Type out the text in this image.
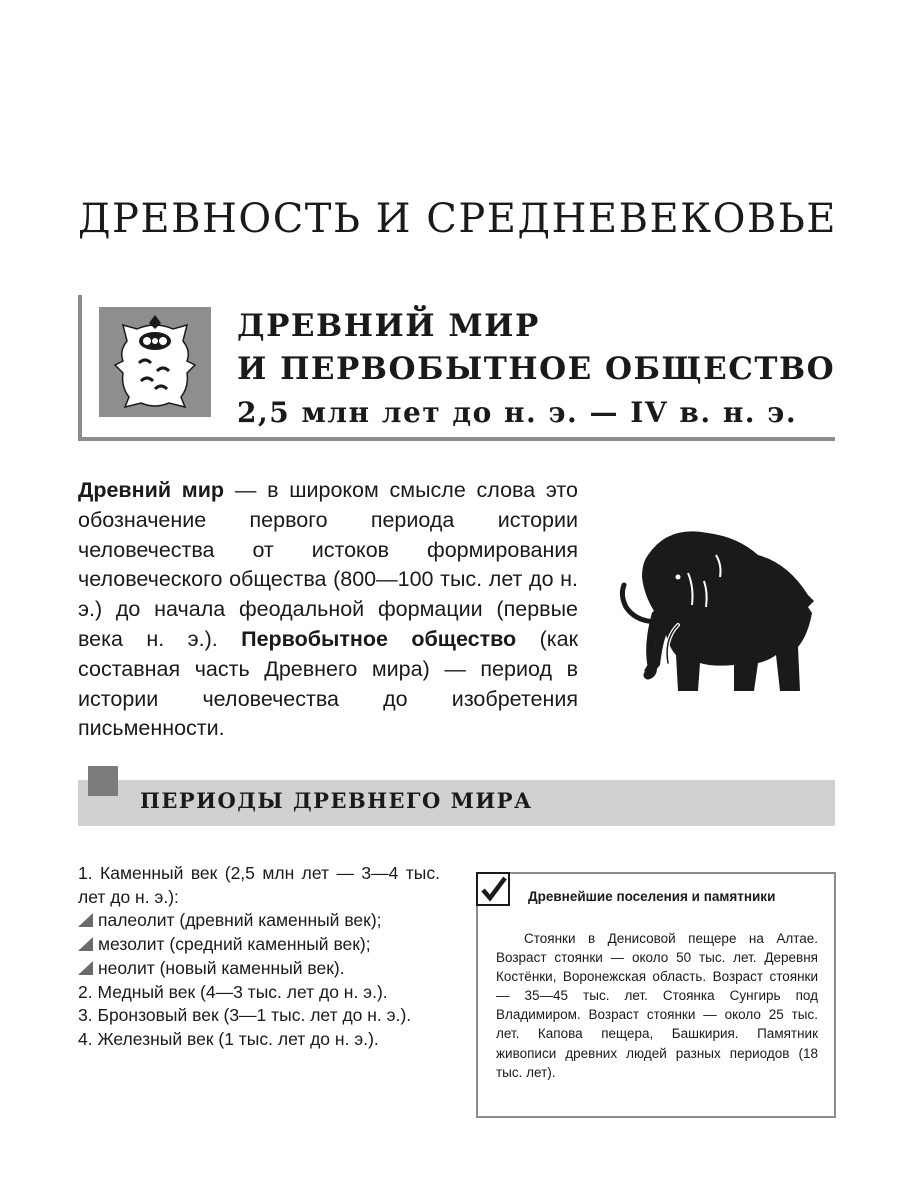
ДРЕВНОСТЬ И СРЕДНЕВЕКОВЬЕ
ДРЕВНИЙ МИР
И ПЕРВОБЫТНОЕ ОБЩЕСТВО
2,5 млн лет до н. э. — IV в. н. э.

Древний мир — в широком смысле слова это обозначение первого периода истории человечества от истоков формирования человеческого общества (800—100 тыс. лет до н. э.) до начала феодальной формации (первые века н. э.). Первобытное общество (как составная часть Древнего мира) — период в истории человечества до изобретения письменности.

ПЕРИОДЫ ДРЕВНЕГО МИРА
1. Каменный век (2,5 млн лет — 3—4 тыс. лет до н. э.):
палеолит (древний каменный век);
мезолит (средний каменный век);
неолит (новый каменный век).
2. Медный век (4—3 тыс. лет до н. э.).
3. Бронзовый век (3—1 тыс. лет до н. э.).
4. Железный век (1 тыс. лет до н. э.).

Древнейшие поселения и памятники

Стоянки в Денисовой пещере на Алтае. Возраст стоянки — около 50 тыс. лет. Деревня Костёнки, Воронежская область. Возраст стоянки — 35—45 тыс. лет. Стоянка Сунгирь под Владимиром. Возраст стоянки — около 25 тыс. лет. Капова пещера, Башкирия. Памятник живописи древних людей разных периодов (18 тыс. лет).
